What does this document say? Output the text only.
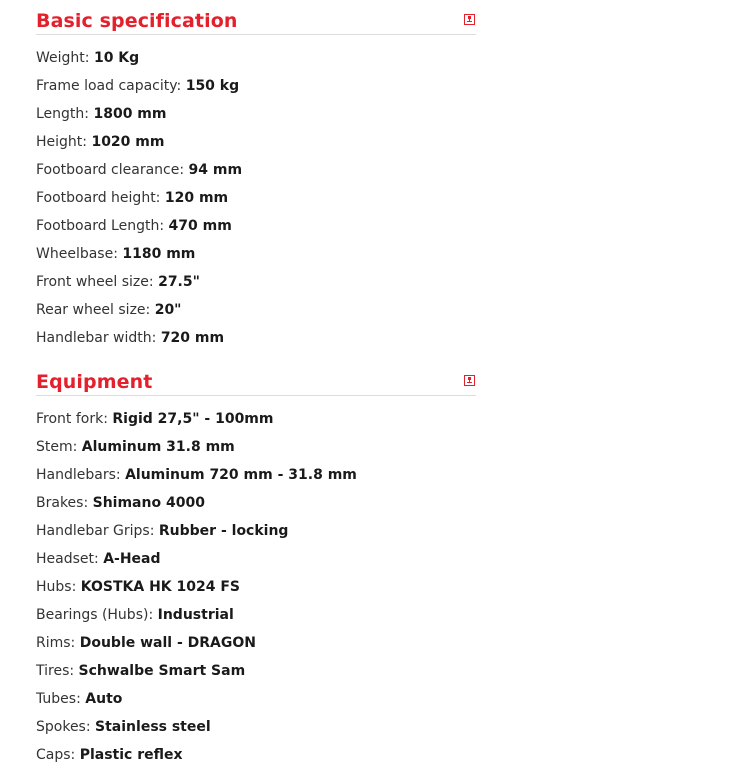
Basic specification
Weight: 10 Kg
Frame load capacity: 150 kg
Length: 1800 mm
Height: 1020 mm
Footboard clearance: 94 mm
Footboard height: 120 mm
Footboard Length: 470 mm
Wheelbase: 1180 mm
Front wheel size: 27.5"
Rear wheel size: 20"
Handlebar width: 720 mm
Equipment
Front fork: Rigid 27,5" - 100mm
Stem: Aluminum 31.8 mm
Handlebars: Aluminum 720 mm - 31.8 mm
Brakes: Shimano 4000
Handlebar Grips: Rubber - locking
Headset: A-Head
Hubs: KOSTKA HK 1024 FS
Bearings (Hubs): Industrial
Rims: Double wall - DRAGON
Tires: Schwalbe Smart Sam
Tubes: Auto
Spokes: Stainless steel
Caps: Plastic reflex
